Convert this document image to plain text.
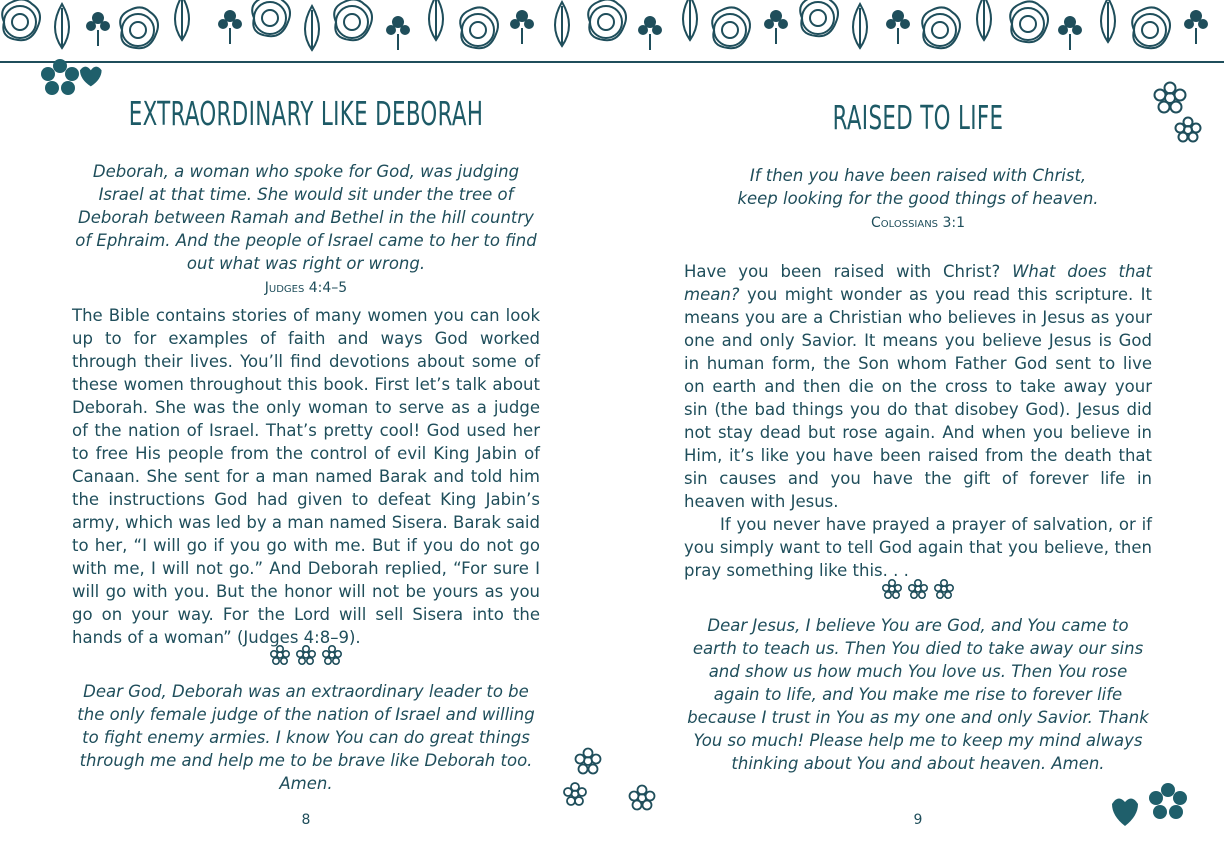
EXTRAORDINARY LIKE DEBORAH
Deborah, a woman who spoke for God, was judging Israel at that time. She would sit under the tree of Deborah between Ramah and Bethel in the hill country of Ephraim. And the people of Israel came to her to find out what was right or wrong.
Judges 4:4–5

The Bible contains stories of many women you can look up to for examples of faith and ways God worked through their lives. You’ll find devotions about some of these women throughout this book. First let’s talk about Deborah. She was the only woman to serve as a judge of the nation of Israel. That’s pretty cool! God used her to free His people from the control of evil King Jabin of Canaan. She sent for a man named Barak and told him the instructions God had given to defeat King Jabin’s army, which was led by a man named Sisera. Barak said to her, “I will go if you go with me. But if you do not go with me, I will not go.” And Deborah replied, “For sure I will go with you. But the honor will not be yours as you go on your way. For the Lord will sell Sisera into the hands of a woman” (Judges 4:8–9).

Dear God, Deborah was an extraordinary leader to be the only female judge of the nation of Israel and willing to fight enemy armies. I know You can do great things through me and help me to be brave like Deborah too. Amen.
8
RAISED TO LIFE
If then you have been raised with Christ,
keep looking for the good things of heaven.
Colossians 3:1

Have you been raised with Christ? What does that mean? you might wonder as you read this scripture. It means you are a Christian who believes in Jesus as your one and only Savior. It means you believe Jesus is God in human form, the Son whom Father God sent to live on earth and then die on the cross to take away your sin (the bad things you do that disobey God). Jesus did not stay dead but rose again. And when you believe in Him, it’s like you have been raised from the death that sin causes and you have the gift of forever life in heaven with Jesus.

If you never have prayed a prayer of salvation, or if you simply want to tell God again that you believe, then pray something like this. . .

Dear Jesus, I believe You are God, and You came to earth to teach us. Then You died to take away our sins and show us how much You love us. Then You rose again to life, and You make me rise to forever life because I trust in You as my one and only Savior. Thank You so much! Please help me to keep my mind always thinking about You and about heaven. Amen.
9
